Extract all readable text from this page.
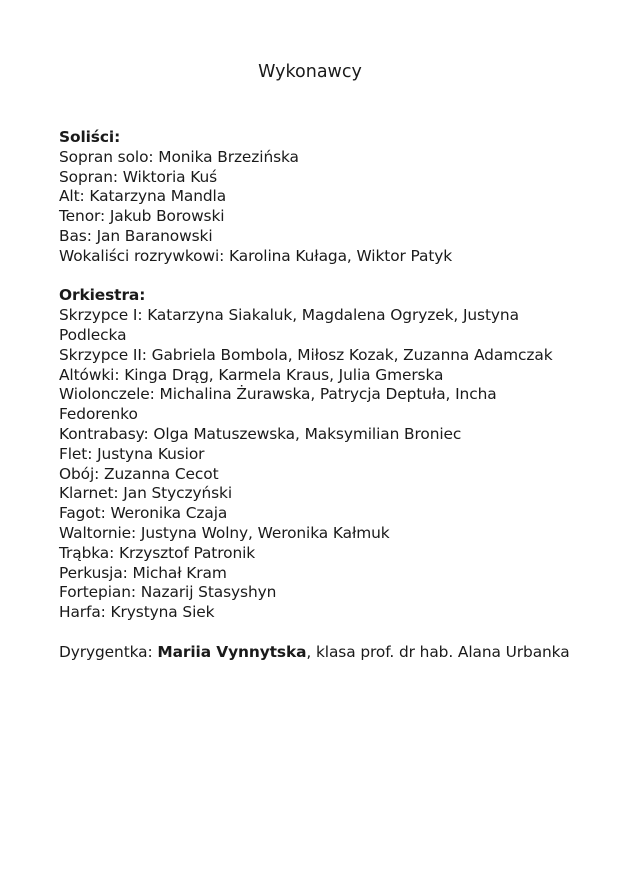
Wykonawcy
Soliści:
Sopran solo: Monika Brzezińska
Sopran: Wiktoria Kuś
Alt: Katarzyna Mandla
Tenor: Jakub Borowski
Bas: Jan Baranowski
Wokaliści rozrywkowi: Karolina Kułaga, Wiktor Patyk
Orkiestra:
Skrzypce I: Katarzyna Siakaluk, Magdalena Ogryzek, Justyna
Podlecka
Skrzypce II: Gabriela Bombola, Miłosz Kozak, Zuzanna Adamczak
Altówki: Kinga Drąg, Karmela Kraus, Julia Gmerska
Wiolonczele: Michalina Żurawska, Patrycja Deptuła, Incha
Fedorenko
Kontrabasy: Olga Matuszewska, Maksymilian Broniec
Flet: Justyna Kusior
Obój: Zuzanna Cecot
Klarnet: Jan Styczyński
Fagot: Weronika Czaja
Waltornie: Justyna Wolny, Weronika Kałmuk
Trąbka: Krzysztof Patronik
Perkusja: Michał Kram
Fortepian: Nazarij Stasyshyn
Harfa: Krystyna Siek
Dyrygentka: Mariia Vynnytska, klasa prof. dr hab. Alana Urbanka
